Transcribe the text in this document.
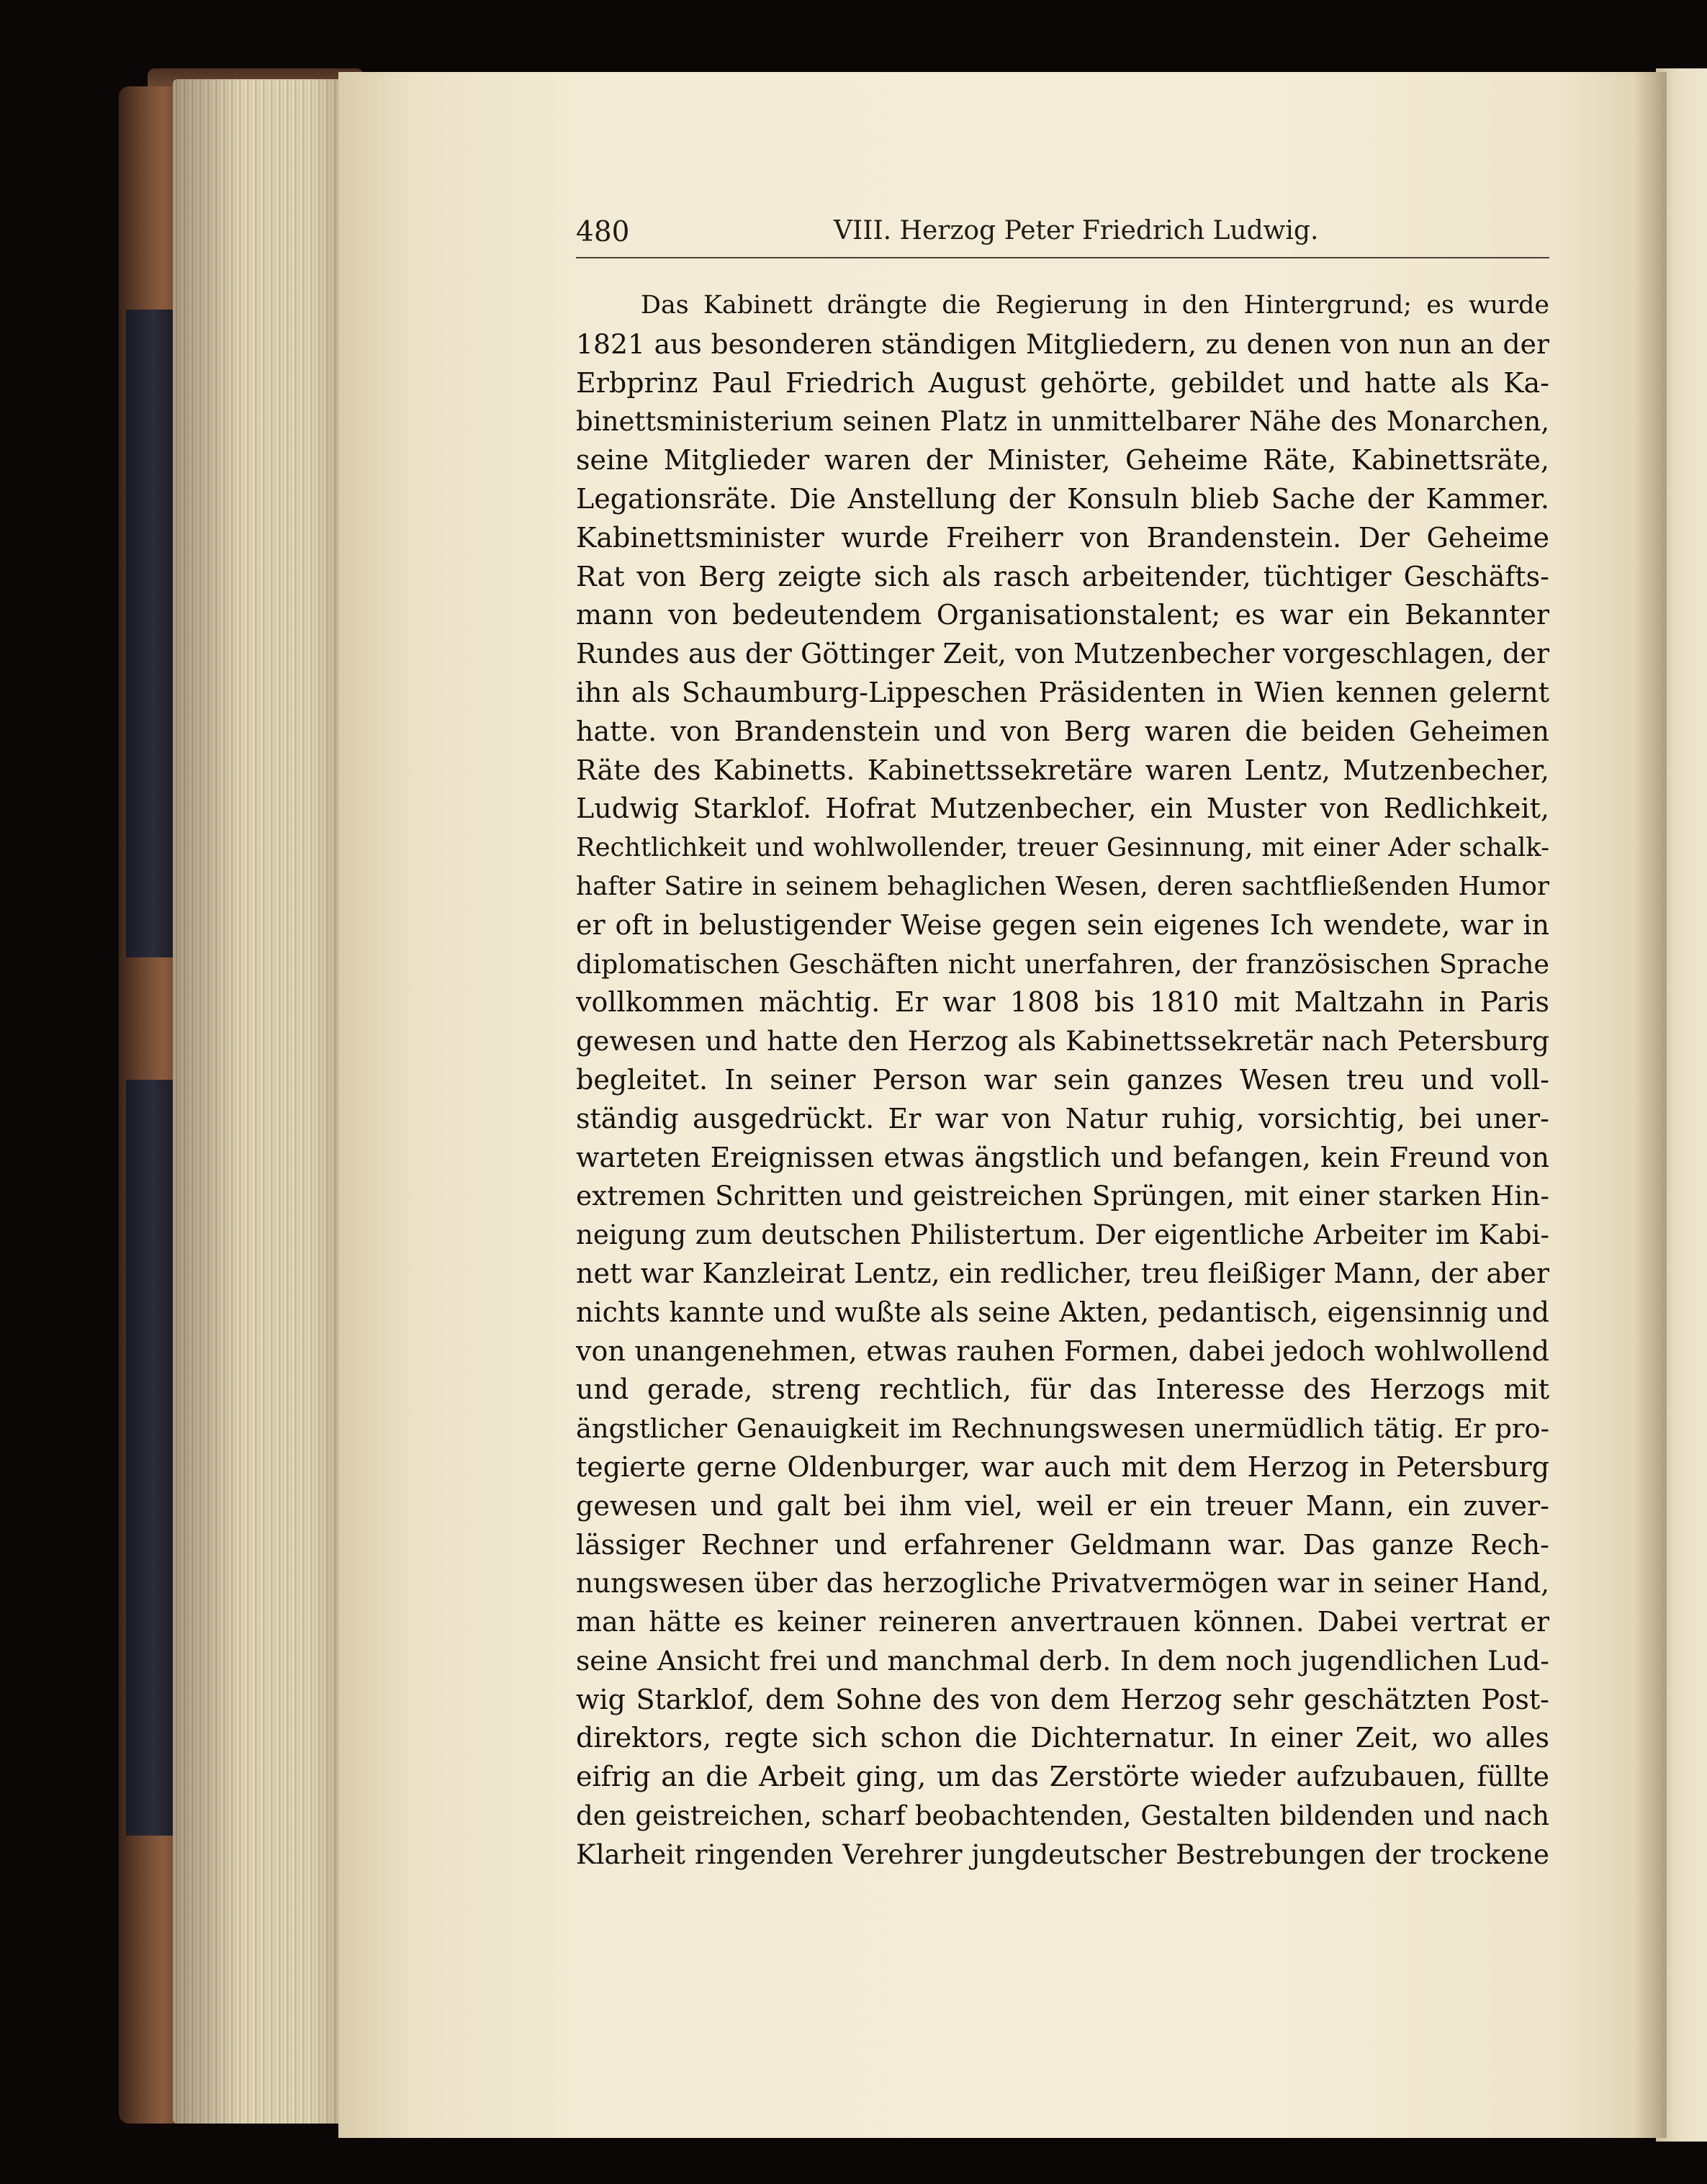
480	VIII. Herzog Peter Friedrich Ludwig.
Das Kabinett drängte die Regierung in den Hintergrund; es wurde
1821 aus besonderen ständigen Mitgliedern, zu denen von nun an der
Erbprinz Paul Friedrich August gehörte, gebildet und hatte als Ka-
binettsministerium seinen Platz in unmittelbarer Nähe des Monarchen,
seine Mitglieder waren der Minister, Geheime Räte, Kabinettsräte,
Legationsräte. Die Anstellung der Konsuln blieb Sache der Kammer.
Kabinettsminister wurde Freiherr von Brandenstein. Der Geheime
Rat von Berg zeigte sich als rasch arbeitender, tüchtiger Geschäfts-
mann von bedeutendem Organisationstalent; es war ein Bekannter
Rundes aus der Göttinger Zeit, von Mutzenbecher vorgeschlagen, der
ihn als Schaumburg-Lippeschen Präsidenten in Wien kennen gelernt
hatte. von Brandenstein und von Berg waren die beiden Geheimen
Räte des Kabinetts. Kabinettssekretäre waren Lentz, Mutzenbecher,
Ludwig Starklof. Hofrat Mutzenbecher, ein Muster von Redlichkeit,
Rechtlichkeit und wohlwollender, treuer Gesinnung, mit einer Ader schalk-
hafter Satire in seinem behaglichen Wesen, deren sachtfließenden Humor
er oft in belustigender Weise gegen sein eigenes Ich wendete, war in
diplomatischen Geschäften nicht unerfahren, der französischen Sprache
vollkommen mächtig. Er war 1808 bis 1810 mit Maltzahn in Paris
gewesen und hatte den Herzog als Kabinettssekretär nach Petersburg
begleitet. In seiner Person war sein ganzes Wesen treu und voll-
ständig ausgedrückt. Er war von Natur ruhig, vorsichtig, bei uner-
warteten Ereignissen etwas ängstlich und befangen, kein Freund von
extremen Schritten und geistreichen Sprüngen, mit einer starken Hin-
neigung zum deutschen Philistertum. Der eigentliche Arbeiter im Kabi-
nett war Kanzleirat Lentz, ein redlicher, treu fleißiger Mann, der aber
nichts kannte und wußte als seine Akten, pedantisch, eigensinnig und
von unangenehmen, etwas rauhen Formen, dabei jedoch wohlwollend
und gerade, streng rechtlich, für das Interesse des Herzogs mit
ängstlicher Genauigkeit im Rechnungswesen unermüdlich tätig. Er pro-
tegierte gerne Oldenburger, war auch mit dem Herzog in Petersburg
gewesen und galt bei ihm viel, weil er ein treuer Mann, ein zuver-
lässiger Rechner und erfahrener Geldmann war. Das ganze Rech-
nungswesen über das herzogliche Privatvermögen war in seiner Hand,
man hätte es keiner reineren anvertrauen können. Dabei vertrat er
seine Ansicht frei und manchmal derb. In dem noch jugendlichen Lud-
wig Starklof, dem Sohne des von dem Herzog sehr geschätzten Post-
direktors, regte sich schon die Dichternatur. In einer Zeit, wo alles
eifrig an die Arbeit ging, um das Zerstörte wieder aufzubauen, füllte
den geistreichen, scharf beobachtenden, Gestalten bildenden und nach
Klarheit ringenden Verehrer jungdeutscher Bestrebungen der trockene
